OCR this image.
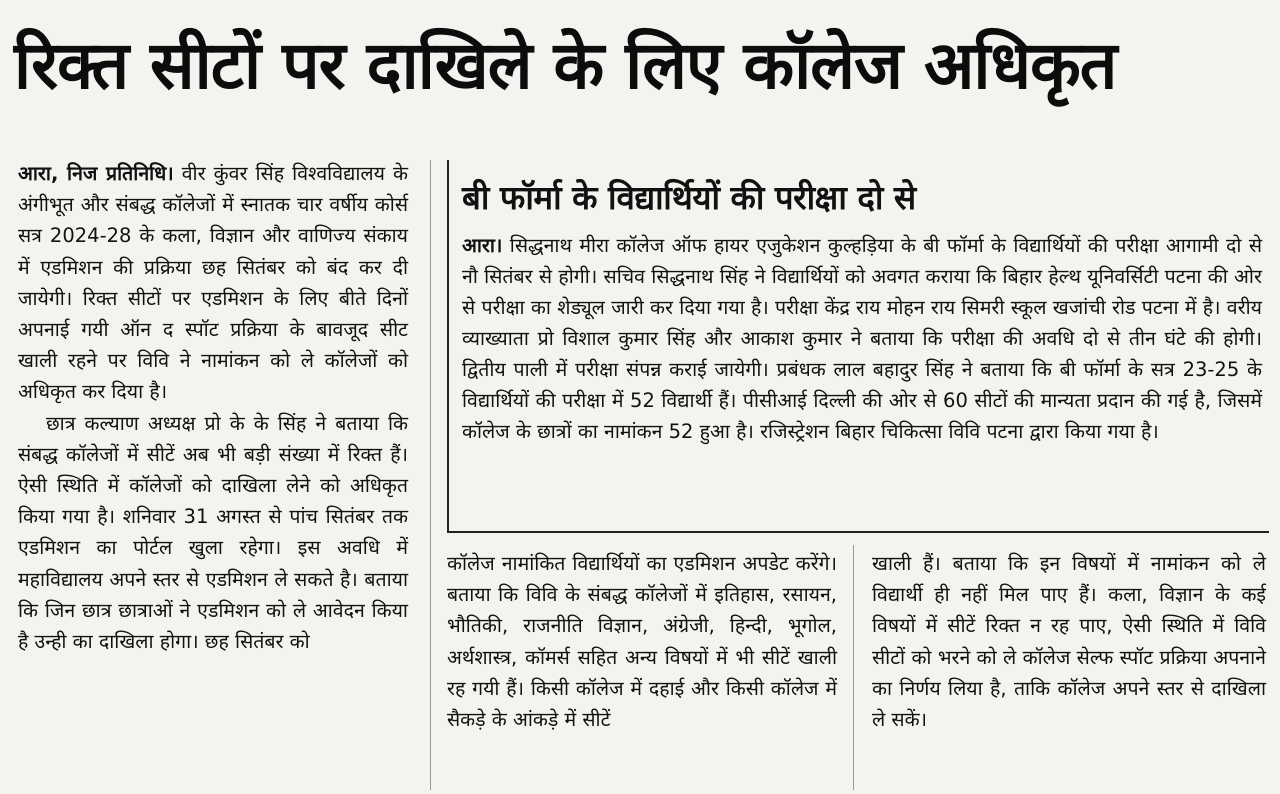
रिक्त सीटों पर दाखिले के लिए कॉलेज अधिकृत

आरा, निज प्रतिनिधि। वीर कुंवर सिंह विश्वविद्यालय के अंगीभूत और संबद्ध कॉलेजों में स्नातक चार वर्षीय कोर्स सत्र 2024-28 के कला, विज्ञान और वाणिज्य संकाय में एडमिशन की प्रक्रिया छह सितंबर को बंद कर दी जायेगी। रिक्त सीटों पर एडमिशन के लिए बीते दिनों अपनाई गयी ऑन द स्पॉट प्रक्रिया के बावजूद सीट खाली रहने पर विवि ने नामांकन को ले कॉलेजों को अधिकृत कर दिया है।

छात्र कल्याण अध्यक्ष प्रो के के सिंह ने बताया कि संबद्ध कॉलेजों में सीटें अब भी बड़ी संख्या में रिक्त हैं। ऐसी स्थिति में कॉलेजों को दाखिला लेने को अधिकृत किया गया है। शनिवार 31 अगस्त से पांच सितंबर तक एडमिशन का पोर्टल खुला रहेगा। इस अवधि में महाविद्यालय अपने स्तर से एडमिशन ले सकते है। बताया कि जिन छात्र छात्राओं ने एडमिशन को ले आवेदन किया है उन्ही का दाखिला होगा। छह सितंबर को

बी फॉर्मा के विद्यार्थियों की परीक्षा दो से
आरा। सिद्धनाथ मीरा कॉलेज ऑफ हायर एजुकेशन कुल्हड़िया के बी फॉर्मा के विद्यार्थियों की परीक्षा आगामी दो से नौ सितंबर से होगी। सचिव सिद्धनाथ सिंह ने विद्यार्थियों को अवगत कराया कि बिहार हेल्थ यूनिवर्सिटी पटना की ओर से परीक्षा का शेड्यूल जारी कर दिया गया है। परीक्षा केंद्र राय मोहन राय सिमरी स्कूल खजांची रोड पटना में है। वरीय व्याख्याता प्रो विशाल कुमार सिंह और आकाश कुमार ने बताया कि परीक्षा की अवधि दो से तीन घंटे की होगी। द्वितीय पाली में परीक्षा संपन्न कराई जायेगी। प्रबंधक लाल बहादुर सिंह ने बताया कि बी फॉर्मा के सत्र 23-25 के विद्यार्थियों की परीक्षा में 52 विद्यार्थी हैं। पीसीआई दिल्ली की ओर से 60 सीटों की मान्यता प्रदान की गई है, जिसमें कॉलेज के छात्रों का नामांकन 52 हुआ है। रजिस्ट्रेशन बिहार चिकित्सा विवि पटना द्वारा किया गया है।

कॉलेज नामांकित विद्यार्थियों का एडमिशन अपडेट करेंगे। बताया कि विवि के संबद्ध कॉलेजों में इतिहास, रसायन, भौतिकी, राजनीति विज्ञान, अंग्रेजी, हिन्दी, भूगोल, अर्थशास्त्र, कॉमर्स सहित अन्य विषयों में भी सीटें खाली रह गयी हैं। किसी कॉलेज में दहाई और किसी कॉलेज में सैकड़े के आंकड़े में सीटें

खाली हैं। बताया कि इन विषयों में नामांकन को ले विद्यार्थी ही नहीं मिल पाए हैं। कला, विज्ञान के कई विषयों में सीटें रिक्त न रह पाए, ऐसी स्थिति में विवि सीटों को भरने को ले कॉलेज सेल्फ स्पॉट प्रक्रिया अपनाने का निर्णय लिया है, ताकि कॉलेज अपने स्तर से दाखिला ले सकें।
